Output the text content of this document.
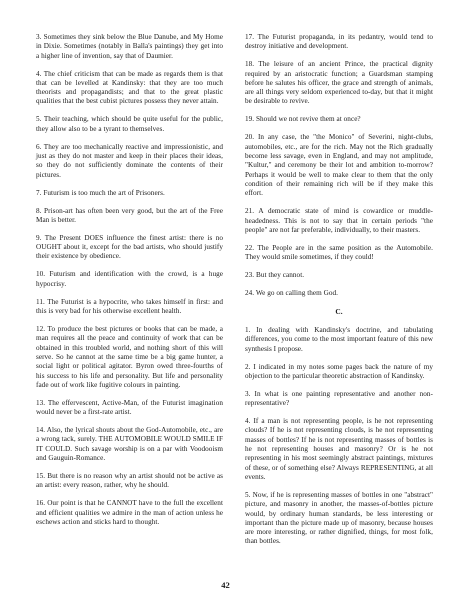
3. Sometimes they sink below the Blue Danube, and My Home in Dixie. Sometimes (notably in Balla's paintings) they get into a higher line of invention, say that of Daumier.

4. The chief criticism that can be made as regards them is that that can be levelled at Kandinsky: that they are too much theorists and propagandists; and that to the great plastic qualities that the best cubist pictures possess they never attain.

5. Their teaching, which should be quite useful for the public, they allow also to be a tyrant to themselves.

6. They are too mechanically reactive and impressionistic, and just as they do not master and keep in their places their ideas, so they do not sufficiently dominate the contents of their pictures.

7. Futurism is too much the art of Prisoners.

8. Prison-art has often been very good, but the art of the Free Man is better.

9. The Present DOES influence the finest artist: there is no OUGHT about it, except for the bad artists, who should justify their existence by obedience.

10. Futurism and identification with the crowd, is a huge hypocrisy.

11. The Futurist is a hypocrite, who takes himself in first: and this is very bad for his otherwise excellent health.

12. To produce the best pictures or books that can be made, a man requires all the peace and continuity of work that can be obtained in this troubled world, and nothing short of this will serve. So he cannot at the same time be a big game hunter, a social light or political agitator. Byron owed three-fourths of his success to his life and personality. But life and personality fade out of work like fugitive colours in painting.

13. The effervescent, Active-Man, of the Futurist imagination would never be a first-rate artist.

14. Also, the lyrical shouts about the God-Automobile, etc., are a wrong tack, surely. THE AUTOMOBILE WOULD SMILE IF IT COULD. Such savage worship is on a par with Voodooism and Gauguin-Romance.

15. But there is no reason why an artist should not be active as an artist: every reason, rather, why he should.

16. Our point is that he CANNOT have to the full the excellent and efficient qualities we admire in the man of action unless he eschews action and sticks hard to thought.

17. The Futurist propaganda, in its pedantry, would tend to destroy initiative and development.

18. The leisure of an ancient Prince, the practical dignity required by an aristocratic function; a Guardsman stamping before he salutes his officer, the grace and strength of animals, are all things very seldom experienced to-day, but that it might be desirable to revive.

19. Should we not revive them at once?

20. In any case, the "the Monico" of Severini, night-clubs, automobiles, etc., are for the rich. May not the Rich gradually become less savage, even in England, and may not amplitude, "Kultur," and ceremony be their lot and ambition to-morrow? Perhaps it would be well to make clear to them that the only condition of their remaining rich will be if they make this effort.

21. A democratic state of mind is cowardice or muddle-headedness. This is not to say that in certain periods "the people" are not far preferable, individually, to their masters.

22. The People are in the same position as the Automobile. They would smile sometimes, if they could!

23. But they cannot.

24. We go on calling them God.

C.

1. In dealing with Kandinsky's doctrine, and tabulating differences, you come to the most important feature of this new synthesis I propose.

2. I indicated in my notes some pages back the nature of my objection to the particular theoretic abstraction of Kandinsky.

3. In what is one painting representative and another non-representative?

4. If a man is not representing people, is he not representing clouds? If he is not representing clouds, is he not representing masses of bottles? If he is not representing masses of bottles is he not representing houses and masonry? Or is he not representing in his most seemingly abstract paintings, mixtures of these, or of something else? Always REPRESENTING, at all events.

5. Now, if he is representing masses of bottles in one "abstract" picture, and masonry in another, the masses-of-bottles picture would, by ordinary human standards, be less interesting or important than the picture made up of masonry, because houses are more interesting, or rather dignified, things, for most folk, than bottles.

42
